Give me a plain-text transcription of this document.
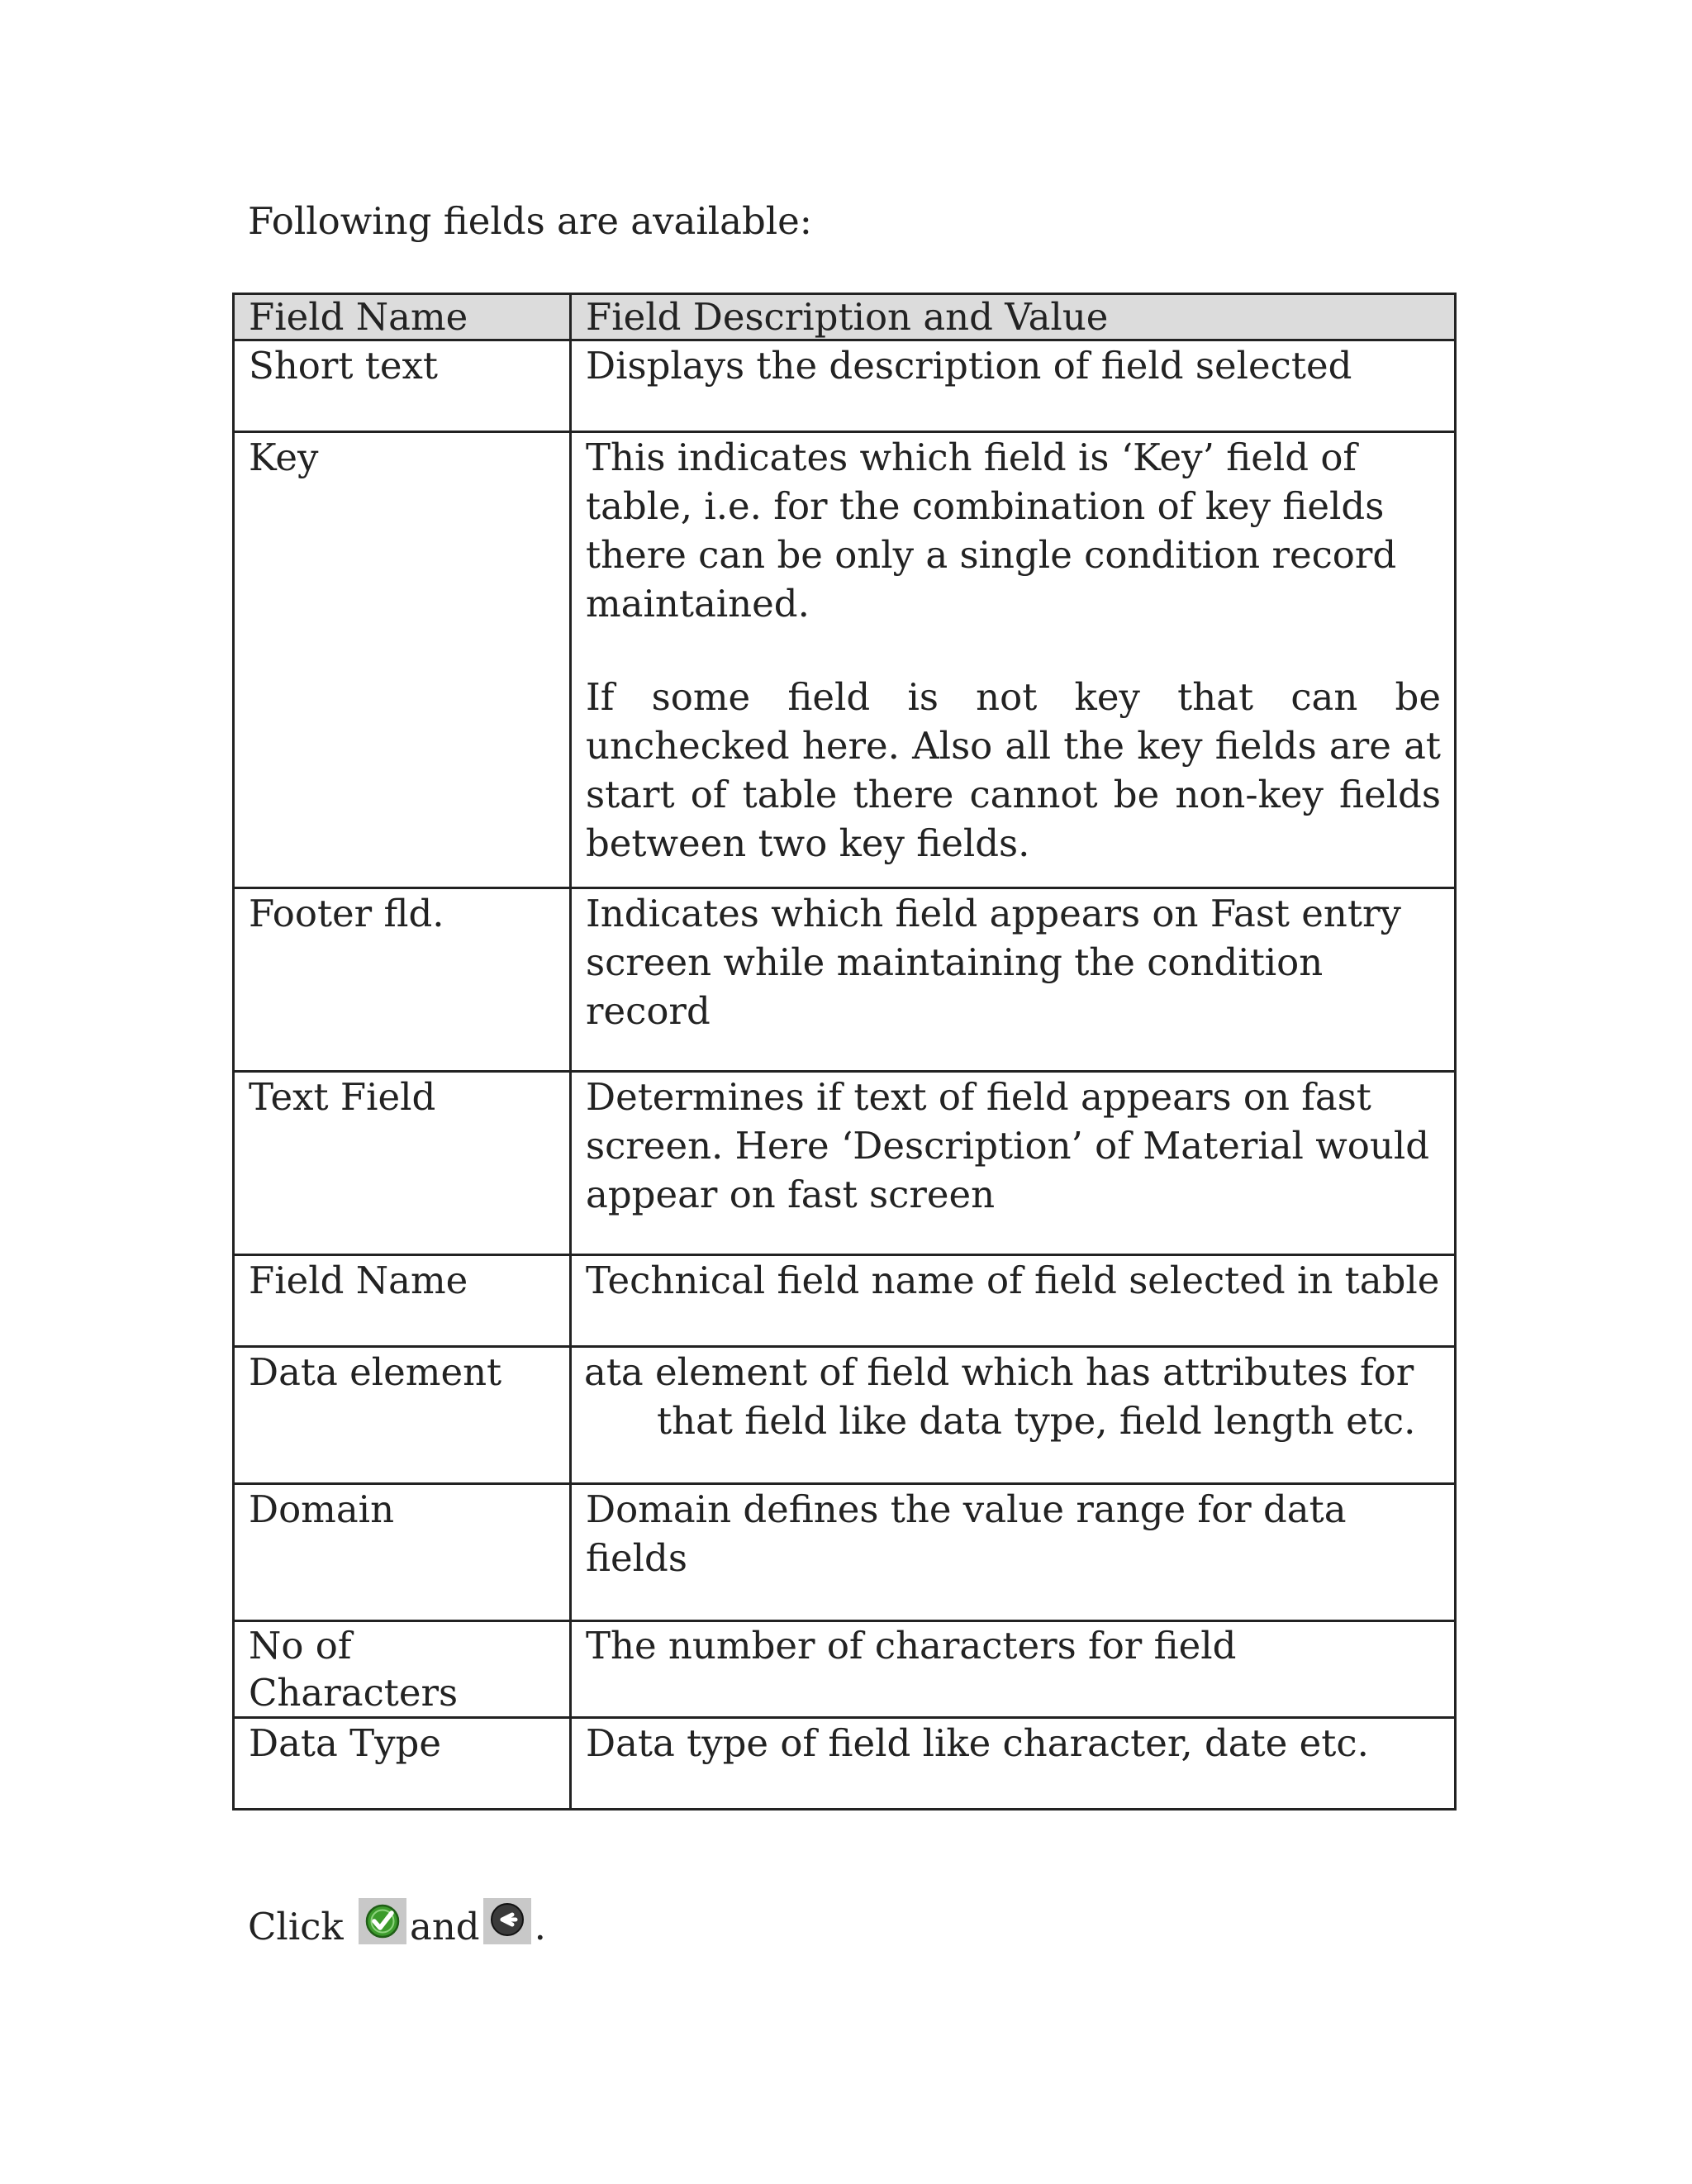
Following fields are available:

Field Name	Field Description and Value
Short text	Displays the description of field selected

Key	This indicates which field is ‘Key’ field of table, i.e. for the combination of key fields there can be only a single condition record maintained.
If some field is not key that can be unchecked here. Also all the key fields are at start of table there cannot be non-key fields between two key fields.

Footer fld.	Indicates which field appears on Fast entry screen while maintaining the condition record

Text Field	Determines if text of field appears on fast screen. Here ‘Description’ of Material would appear on fast screen

Field Name	Technical field name of field selected in table

Data element	ata element of field which has attributes for that field like data type, field length etc.

Domain	Domain defines the value range for data fields

No of Characters	The number of characters for field

Data Type	Data type of field like character, date etc.

Click and .
